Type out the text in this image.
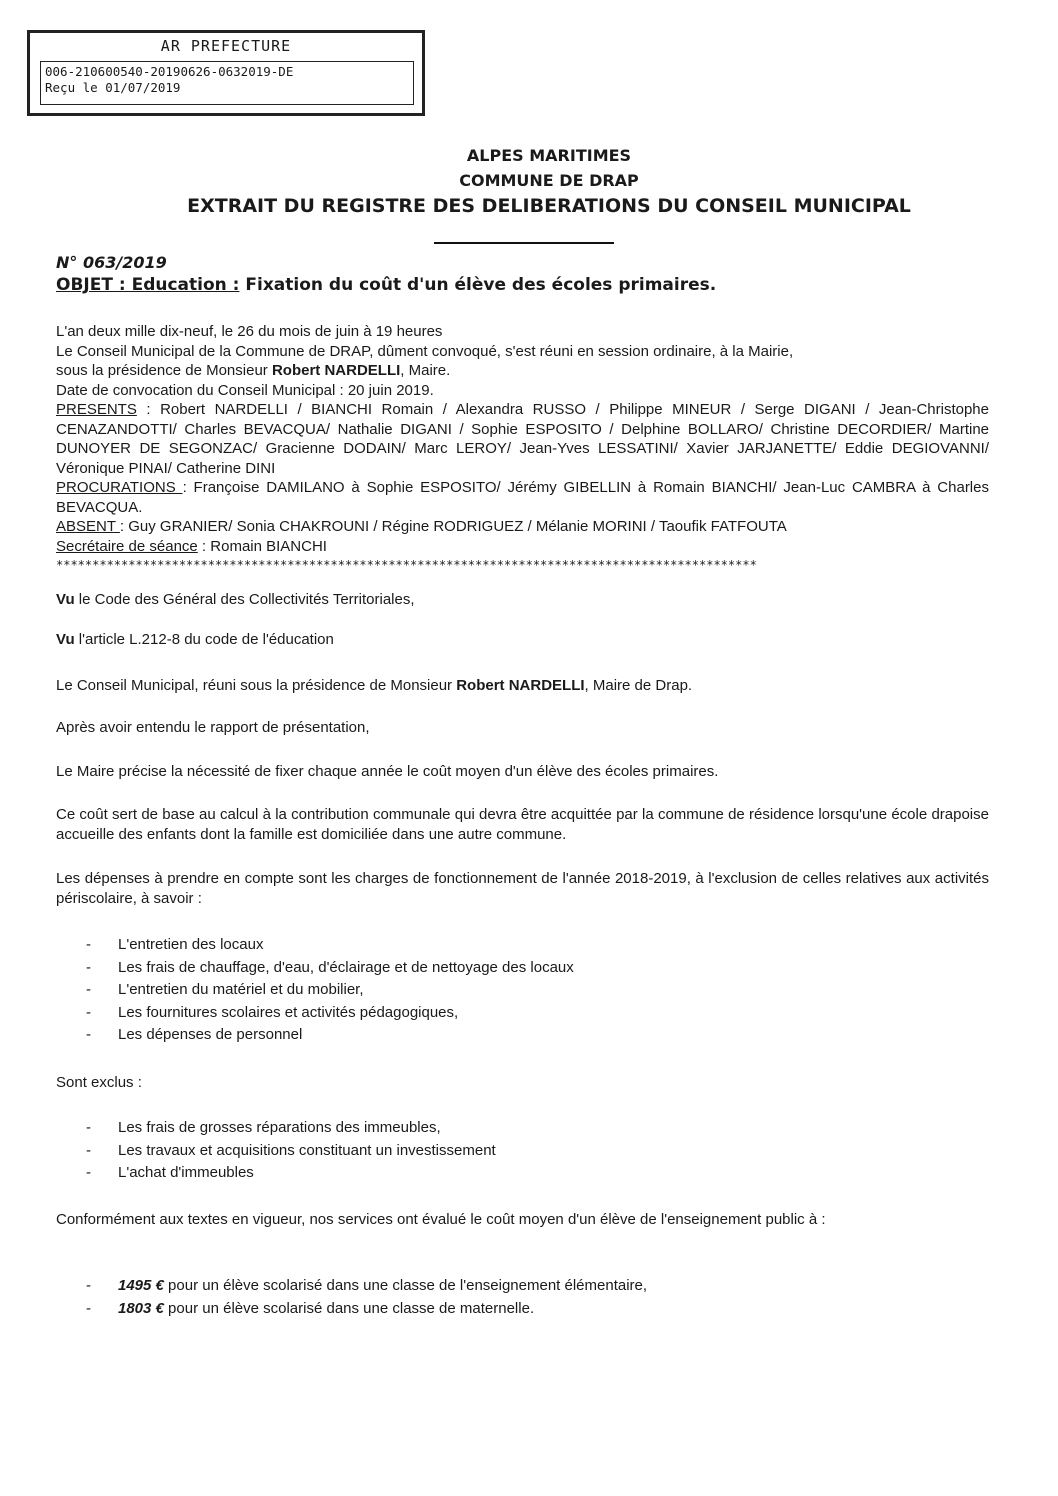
AR PREFECTURE
006-210600540-20190626-0632019-DE
Reçu le 01/07/2019
ALPES MARITIMES
COMMUNE DE DRAP
EXTRAIT DU REGISTRE DES DELIBERATIONS DU CONSEIL MUNICIPAL
N° 063/2019
OBJET : Education : Fixation du coût d'un élève des écoles primaires.
L'an deux mille dix-neuf, le 26 du mois de juin à 19 heures
Le Conseil Municipal de la Commune de DRAP, dûment convoqué, s'est réuni en session ordinaire, à la Mairie,
sous la présidence de Monsieur Robert NARDELLI, Maire.
Date de convocation du Conseil Municipal : 20 juin 2019.
PRESENTS : Robert NARDELLI / BIANCHI Romain / Alexandra RUSSO / Philippe MINEUR / Serge DIGANI / Jean-Christophe CENAZANDOTTI/ Charles BEVACQUA/ Nathalie DIGANI / Sophie ESPOSITO / Delphine BOLLARO/ Christine DECORDIER/ Martine DUNOYER DE SEGONZAC/ Gracienne DODAIN/ Marc LEROY/ Jean-Yves LESSATINI/ Xavier JARJANETTE/ Eddie DEGIOVANNI/ Véronique PINAI/ Catherine DINI
PROCURATIONS : Françoise DAMILANO à Sophie ESPOSITO/ Jérémy GIBELLIN à Romain BIANCHI/ Jean-Luc CAMBRA à Charles BEVACQUA.
ABSENT : Guy GRANIER/ Sonia CHAKROUNI / Régine RODRIGUEZ / Mélanie MORINI / Taoufik FATFOUTA
Secrétaire de séance : Romain BIANCHI
*************************************************************************************************
Vu le Code des Général des Collectivités Territoriales,
Vu l'article L.212-8 du code de l'éducation
Le Conseil Municipal, réuni sous la présidence de Monsieur Robert NARDELLI, Maire de Drap.
Après avoir entendu le rapport de présentation,
Le Maire précise la nécessité de fixer chaque année le coût moyen d'un élève des écoles primaires.
Ce coût sert de base au calcul à la contribution communale qui devra être acquittée par la commune de résidence lorsqu'une école drapoise accueille des enfants dont la famille est domiciliée dans une autre commune.
Les dépenses à prendre en compte sont les charges de fonctionnement de l'année 2018-2019, à l'exclusion de celles relatives aux activités périscolaire, à savoir :
- L'entretien des locaux
- Les frais de chauffage, d'eau, d'éclairage et de nettoyage des locaux
- L'entretien du matériel et du mobilier,
- Les fournitures scolaires et activités pédagogiques,
- Les dépenses de personnel
Sont exclus :
- Les frais de grosses réparations des immeubles,
- Les travaux et acquisitions constituant un investissement
- L'achat d'immeubles
Conformément aux textes en vigueur, nos services ont évalué le coût moyen d'un élève de l'enseignement public à :
- 1495 € pour un élève scolarisé dans une classe de l'enseignement élémentaire,
- 1803 € pour un élève scolarisé dans une classe de maternelle.
